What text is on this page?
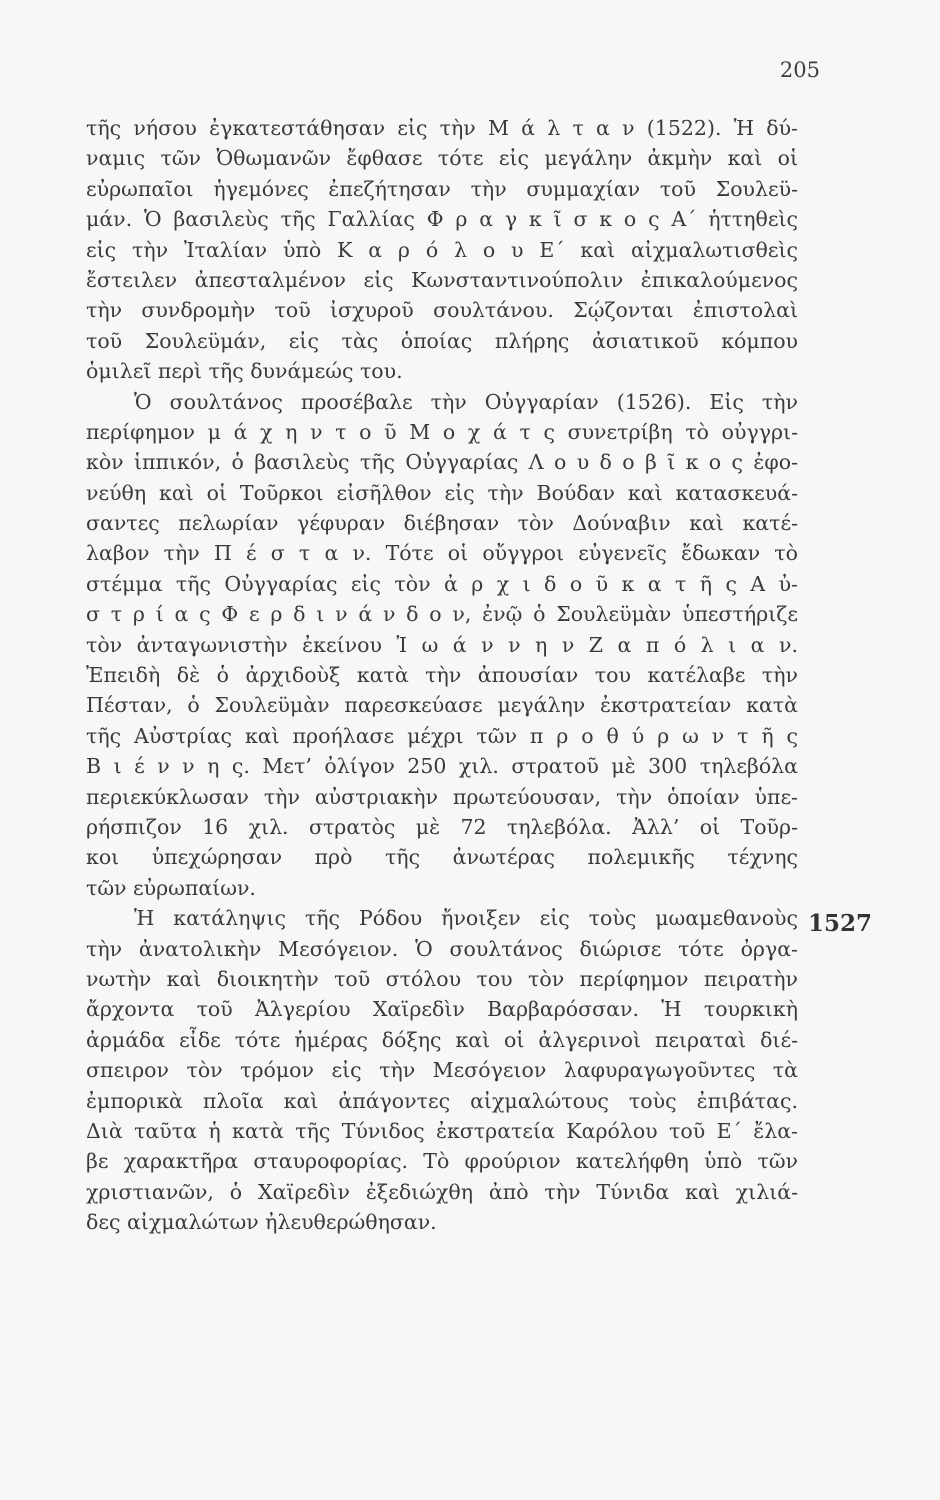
205
τῆς νήσου ἐγκατεστάθησαν εἰς τὴν Μ ά λ τ α ν (1522). Ἡ δύ-
ναμις τῶν Ὀθωμανῶν ἔφθασε τότε εἰς μεγάλην ἀκμὴν καὶ οἱ
εὐρωπαῖοι ἡγεμόνες ἐπεζήτησαν τὴν συμμαχίαν τοῦ Σουλεϋ-
μάν. Ὁ βασιλεὺς τῆς Γαλλίας Φ ρ α γ κ ῖ σ κ ο ς Α΄ ἡττηθεὶς
εἰς τὴν Ἰταλίαν ὑπὸ Κ α ρ ό λ ο υ Ε΄ καὶ αἰχμαλωτισθεὶς
ἔστειλεν ἀπεσταλμένον εἰς Κωνσταντινούπολιν ἐπικαλούμενος
τὴν συνδρομὴν τοῦ ἰσχυροῦ σουλτάνου. Σῴζονται ἐπιστολαὶ
τοῦ Σουλεϋμάν, εἰς τὰς ὁποίας πλήρης ἀσιατικοῦ κόμπου
ὁμιλεῖ περὶ τῆς δυνάμεώς του.
Ὁ σουλτάνος προσέβαλε τὴν Οὐγγαρίαν (1526). Εἰς τὴν
περίφημον μ ά χ η ν τ ο ῦ Μ ο χ ά τ ς συνετρίβη τὸ οὐγγρι-
κὸν ἱππικόν, ὁ βασιλεὺς τῆς Οὐγγαρίας Λ ο υ δ ο β ῖ κ ο ς ἐφο-
νεύθη καὶ οἱ Τοῦρκοι εἰσῆλθον εἰς τὴν Βούδαν καὶ κατασκευά-
σαντες πελωρίαν γέφυραν διέβησαν τὸν Δούναβιν καὶ κατέ-
λαβον τὴν Π έ σ τ α ν. Τότε οἱ οὔγγροι εὐγενεῖς ἔδωκαν τὸ
στέμμα τῆς Οὐγγαρίας εἰς τὸν ἀ ρ χ ι δ ο ῦ κ α τ ῆ ς Α ὐ-
σ τ ρ ί α ς Φ ε ρ δ ι ν ά ν δ ο ν, ἐνῷ ὁ Σουλεϋμὰν ὑπεστήριζε
τὸν ἀνταγωνιστὴν ἐκείνου Ἰ ω ά ν ν η ν Ζ α π ό λ ι α ν.
Ἐπειδὴ δὲ ὁ ἀρχιδοὺξ κατὰ τὴν ἀπουσίαν του κατέλαβε τὴν
Πέσταν, ὁ Σουλεϋμὰν παρεσκεύασε μεγάλην ἐκστρατείαν κατὰ
τῆς Αὐστρίας καὶ προήλασε μέχρι τῶν π ρ ο θ ύ ρ ω ν τ ῆ ς
Β ι έ ν ν η ς. Μετ’ ὀλίγον 250 χιλ. στρατοῦ μὲ 300 τηλεβόλα
περιεκύκλωσαν τὴν αὐστριακὴν πρωτεύουσαν, τὴν ὁποίαν ὑπε-
ρήσπιζον 16 χιλ. στρατὸς μὲ 72 τηλεβόλα. Ἀλλ’ οἱ Τοῦρ-
κοι ὑπεχώρησαν πρὸ τῆς ἀνωτέρας πολεμικῆς τέχνης
τῶν εὐρωπαίων.
Ἡ κατάληψις τῆς Ρόδου ἤνοιξεν εἰς τοὺς μωαμεθανοὺς
τὴν ἀνατολικὴν Μεσόγειον. Ὁ σουλτάνος διώρισε τότε ὀργα-
νωτὴν καὶ διοικητὴν τοῦ στόλου του τὸν περίφημον πειρατὴν
ἄρχοντα τοῦ Ἀλγερίου Χαϊρεδὶν Βαρβαρόσσαν. Ἡ τουρκικὴ
ἀρμάδα εἶδε τότε ἡμέρας δόξης καὶ οἱ ἀλγερινοὶ πειραταὶ διέ-
σπειρον τὸν τρόμον εἰς τὴν Μεσόγειον λαφυραγωγοῦντες τὰ
ἐμπορικὰ πλοῖα καὶ ἀπάγοντες αἰχμαλώτους τοὺς ἐπιβάτας.
Διὰ ταῦτα ἡ κατὰ τῆς Τύνιδος ἐκστρατεία Καρόλου τοῦ Ε΄ ἔλα-
βε χαρακτῆρα σταυροφορίας. Τὸ φρούριον κατελήφθη ὑπὸ τῶν
χριστιανῶν, ὁ Χαϊρεδὶν ἐξεδιώχθη ἀπὸ τὴν Τύνιδα καὶ χιλιά-
δες αἰχμαλώτων ἠλευθερώθησαν.
1527
